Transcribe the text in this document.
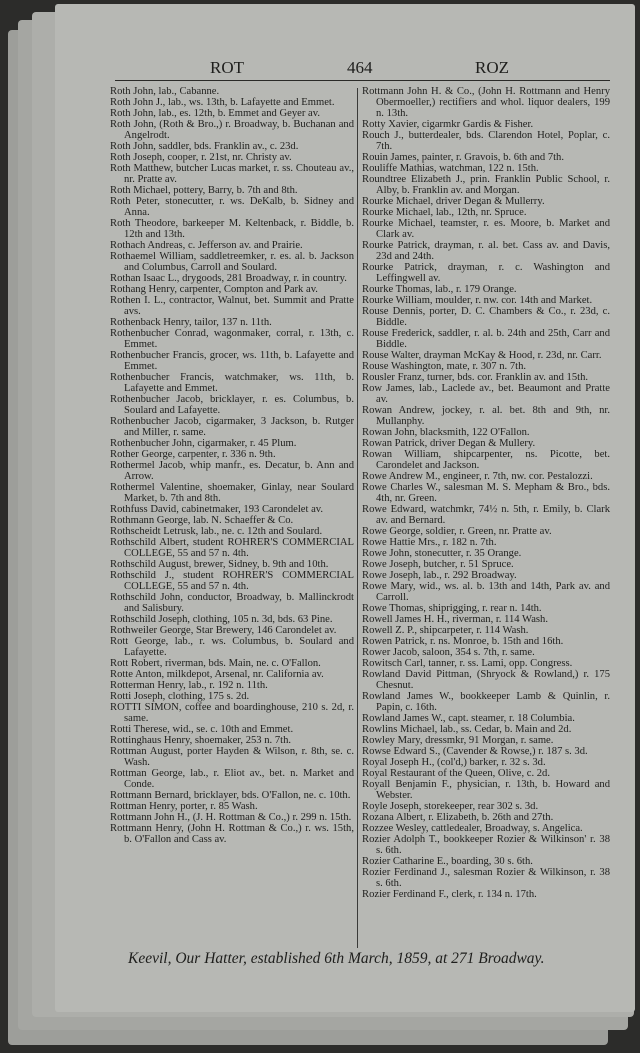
ROT	464	ROZ

Roth John, lab., Cabanne.

Roth John J., lab., ws. 13th, b. Lafayette and Emmet.

Roth John, lab., es. 12th, b. Emmet and Geyer av.

Roth John, (Roth & Bro.,) r. Broadway, b. Buchanan and Angelrodt.

Roth John, saddler, bds. Franklin av., c. 23d.

Roth Joseph, cooper, r. 21st, nr. Christy av.

Roth Matthew, butcher Lucas market, r. ss. Chouteau av., nr. Pratte av.

Roth Michael, pottery, Barry, b. 7th and 8th.

Roth Peter, stonecutter, r. ws. DeKalb, b. Sidney and Anna.

Roth Theodore, barkeeper M. Keltenback, r. Biddle, b. 12th and 13th.

Rothach Andreas, c. Jefferson av. and Prairie.

Rothaemel William, saddletreemker, r. es. al. b. Jackson and Columbus, Carroll and Soulard.

Rothan Isaac L., drygoods, 281 Broadway, r. in country.

Rothang Henry, carpenter, Compton and Park av.

Rothen I. L., contractor, Walnut, bet. Summit and Pratte avs.

Rothenback Henry, tailor, 137 n. 11th.

Rothenbucher Conrad, wagonmaker, corral, r. 13th, c. Emmet.

Rothenbucher Francis, grocer, ws. 11th, b. Lafayette and Emmet.

Rothenbucher Francis, watchmaker, ws. 11th, b. Lafayette and Emmet.

Rothenbucher Jacob, bricklayer, r. es. Columbus, b. Soulard and Lafayette.

Rothenbucher Jacob, cigarmaker, 3 Jackson, b. Rutger and Miller, r. same.

Rothenbucher John, cigarmaker, r. 45 Plum.

Rother George, carpenter, r. 336 n. 9th.

Rothermel Jacob, whip manfr., es. Decatur, b. Ann and Arrow.

Rothermel Valentine, shoemaker, Ginlay, near Soulard Market, b. 7th and 8th.

Rothfuss David, cabinetmaker, 193 Carondelet av.

Rothmann George, lab. N. Schaeffer & Co.

Rothscheidt Letrusk, lab., ne. c. 12th and Soulard.

Rothschild Albert, student ROHRER'S COMMERCIAL COLLEGE, 55 and 57 n. 4th.

Rothschild August, brewer, Sidney, b. 9th and 10th.

Rothschild J., student ROHRER'S COMMERCIAL COLLEGE, 55 and 57 n. 4th.

Rothschild John, conductor, Broadway, b. Mallinckrodt and Salisbury.

Rothschild Joseph, clothing, 105 n. 3d, bds. 63 Pine.

Rothweiler George, Star Brewery, 146 Carondelet av.

Rott George, lab., r. ws. Columbus, b. Soulard and Lafayette.

Rott Robert, riverman, bds. Main, ne. c. O'Fallon.

Rotte Anton, milkdepot, Arsenal, nr. California av.

Rotterman Henry, lab., r. 192 n. 11th.

Rotti Joseph, clothing, 175 s. 2d.

ROTTI SIMON, coffee and boardinghouse, 210 s. 2d, r. same.

Rotti Therese, wid., se. c. 10th and Emmet.

Rottinghaus Henry, shoemaker, 253 n. 7th.

Rottman August, porter Hayden & Wilson, r. 8th, se. c. Wash.

Rottman George, lab., r. Eliot av., bet. n. Market and Conde.

Rottmann Bernard, bricklayer, bds. O'Fallon, ne. c. 10th.

Rottman Henry, porter, r. 85 Wash.

Rottmann John H., (J. H. Rottman & Co.,) r. 299 n. 15th.

Rottmann Henry, (John H. Rottman & Co.,) r. ws. 15th, b. O'Fallon and Cass av.

Rottmann John H. & Co., (John H. Rottmann and Henry Obermoeller,) rectifiers and whol. liquor dealers, 199 n. 13th.

Rotty Xavier, cigarmkr Gardis & Fisher.

Rouch J., butterdealer, bds. Clarendon Hotel, Poplar, c. 7th.

Rouin James, painter, r. Gravois, b. 6th and 7th.

Rouliffe Mathias, watchman, 122 n. 15th.

Roundtree Elizabeth J., prin. Franklin Public School, r. Alby, b. Franklin av. and Morgan.

Rourke Michael, driver Degan & Mullerry.

Rourke Michael, lab., 12th, nr. Spruce.

Rourke Michael, teamster, r. es. Moore, b. Market and Clark av.

Rourke Patrick, drayman, r. al. bet. Cass av. and Davis, 23d and 24th.

Rourke Patrick, drayman, r. c. Washington and Leffingwell av.

Rourke Thomas, lab., r. 179 Orange.

Rourke William, moulder, r. nw. cor. 14th and Market.

Rouse Dennis, porter, D. C. Chambers & Co., r. 23d, c. Biddle.

Rouse Frederick, saddler, r. al. b. 24th and 25th, Carr and Biddle.

Rouse Walter, drayman McKay & Hood, r. 23d, nr. Carr.

Rouse Washington, mate, r. 307 n. 7th.

Rousler Franz, turner, bds. cor. Franklin av. and 15th.

Row James, lab., Laclede av., bet. Beaumont and Pratte av.

Rowan Andrew, jockey, r. al. bet. 8th and 9th, nr. Mullanphy.

Rowan John, blacksmith, 122 O'Fallon.

Rowan Patrick, driver Degan & Mullery.

Rowan William, shipcarpenter, ns. Picotte, bet. Carondelet and Jackson.

Rowe Andrew M., engineer, r. 7th, nw. cor. Pestalozzi.

Rowe Charles W., salesman M. S. Mepham & Bro., bds. 4th, nr. Green.

Rowe Edward, watchmkr, 74½ n. 5th, r. Emily, b. Clark av. and Bernard.

Rowe George, soldier, r. Green, nr. Pratte av.

Rowe Hattie Mrs., r. 182 n. 7th.

Rowe John, stonecutter, r. 35 Orange.

Rowe Joseph, butcher, r. 51 Spruce.

Rowe Joseph, lab., r. 292 Broadway.

Rowe Mary, wid., ws. al. b. 13th and 14th, Park av. and Carroll.

Rowe Thomas, shiprigging, r. rear n. 14th.

Rowell James H. H., riverman, r. 114 Wash.

Rowell Z. P., shipcarpeter, r. 114 Wash.

Rowen Patrick, r. ns. Monroe, b. 15th and 16th.

Rower Jacob, saloon, 354 s. 7th, r. same.

Rowitsch Carl, tanner, r. ss. Lami, opp. Congress.

Rowland David Pittman, (Shryock & Rowland,) r. 175 Chesnut.

Rowland James W., bookkeeper Lamb & Quinlin, r. Papin, c. 16th.

Rowland James W., capt. steamer, r. 18 Columbia.

Rowlins Michael, lab., ss. Cedar, b. Main and 2d.

Rowley Mary, dressmkr, 91 Morgan, r. same.

Rowse Edward S., (Cavender & Rowse,) r. 187 s. 3d.

Royal Joseph H., (col'd,) barker, r. 32 s. 3d.

Royal Restaurant of the Queen, Olive, c. 2d.

Royall Benjamin F., physician, r. 13th, b. Howard and Webster.

Royle Joseph, storekeeper, rear 302 s. 3d.

Rozana Albert, r. Elizabeth, b. 26th and 27th.

Rozzee Wesley, cattledealer, Broadway, s. Angelica.

Rozier Adolph T., bookkeeper Rozier & Wilkinson' r. 38 s. 6th.

Rozier Catharine E., boarding, 30 s. 6th.

Rozier Ferdinand J., salesman Rozier & Wilkinson, r. 38 s. 6th.

Rozier Ferdinand F., clerk, r. 134 n. 17th.

Keevil, Our Hatter, established 6th March, 1859, at 271 Broadway.
